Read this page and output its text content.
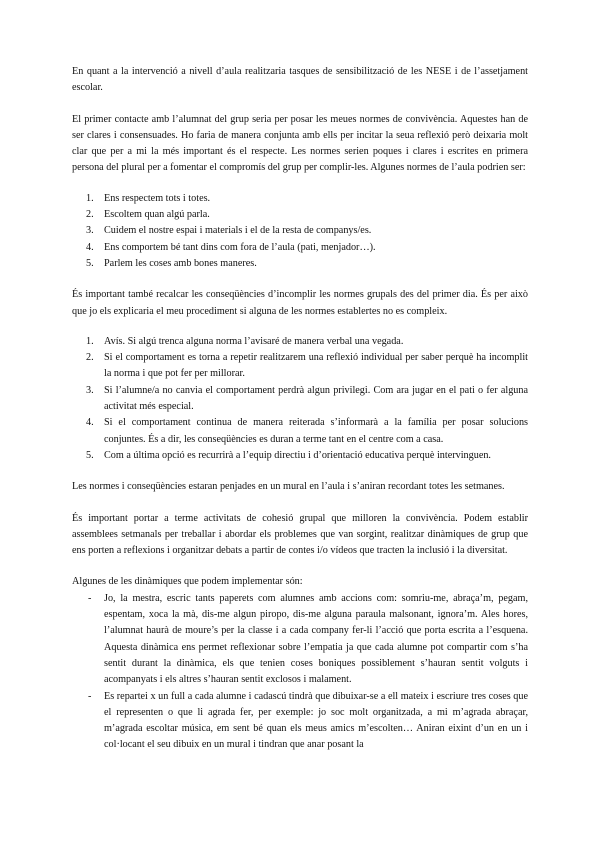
En quant a la intervenció a nivell d’aula realitzaria tasques de sensibilització de les NESE i de l’assetjament escolar.

El primer contacte amb l’alumnat del grup seria per posar les meues normes de convivència. Aquestes han de ser clares i consensuades. Ho faria de manera conjunta amb ells per incitar la seua reflexió però deixaria molt clar que per a mi la més important és el respecte. Les normes serien poques i clares i escrites en primera persona del plural per a fomentar el compromís del grup per complir-les. Algunes normes de l’aula podrien ser:

1. Ens respectem tots i totes.
2. Escoltem quan algú parla.
3. Cuidem el nostre espai i materials i el de la resta de companys/es.
4. Ens comportem bé tant dins com fora de l’aula (pati, menjador…).
5. Parlem les coses amb bones maneres.

És important també recalcar les conseqüències d’incomplir les normes grupals des del primer dia. És per això que jo els explicaria el meu procediment si alguna de les normes establertes no es compleix.

1. Avís. Si algú trenca alguna norma l’avisaré de manera verbal una vegada.
2. Si el comportament es torna a repetir realitzarem una reflexió individual per saber perquè ha incomplit la norma i que pot fer per millorar.
3. Si l’alumne/a no canvia el comportament perdrà algun privilegi. Com ara jugar en el pati o fer alguna activitat més especial.
4. Si el comportament continua de manera reiterada s’informarà a la família per posar solucions conjuntes. És a dir, les conseqüències es duran a terme tant en el centre com a casa.
5. Com a última opció es recurrirà a l’equip directiu i d’orientació educativa perquè intervinguen.

Les normes i conseqüències estaran penjades en un mural en l’aula i s’aniran recordant totes les setmanes.

És important portar a terme activitats de cohesió grupal que milloren la convivència. Podem establir assemblees setmanals per treballar i abordar els problemes que van sorgint, realitzar dinàmiques de grup que ens porten a reflexions i organitzar debats a partir de contes i/o vídeos que tracten la inclusió i la diversitat.

Algunes de les dinàmiques que podem implementar són:

- Jo, la mestra, escric tants paperets com alumnes amb accions com: somriu-me, abraça’m, pegam, espentam, xoca la mà, dis-me algun piropo, dis-me alguna paraula malsonant, ignora’m. Ales hores, l’alumnat haurà de moure’s per la classe i a cada company fer-li l’acció que porta escrita a l’esquena. Aquesta dinàmica ens permet reflexionar sobre l’empatia ja que cada alumne pot compartir com s’ha sentit durant la dinàmica, els que tenien coses boniques possiblement s’hauran sentit volguts i acompanyats i els altres s’hauran sentit exclosos i malament.
- Es repartei x un full a cada alumne i cadascú tindrà que dibuixar-se a ell mateix i escriure tres coses que el representen o que li agrada fer, per exemple: jo soc molt organitzada, a mi m’agrada abraçar, m’agrada escoltar música, em sent bé quan els meus amics m’escolten… Aniran eixint d’un en un i col·locant el seu dibuix en un mural i tindran que anar posant la
